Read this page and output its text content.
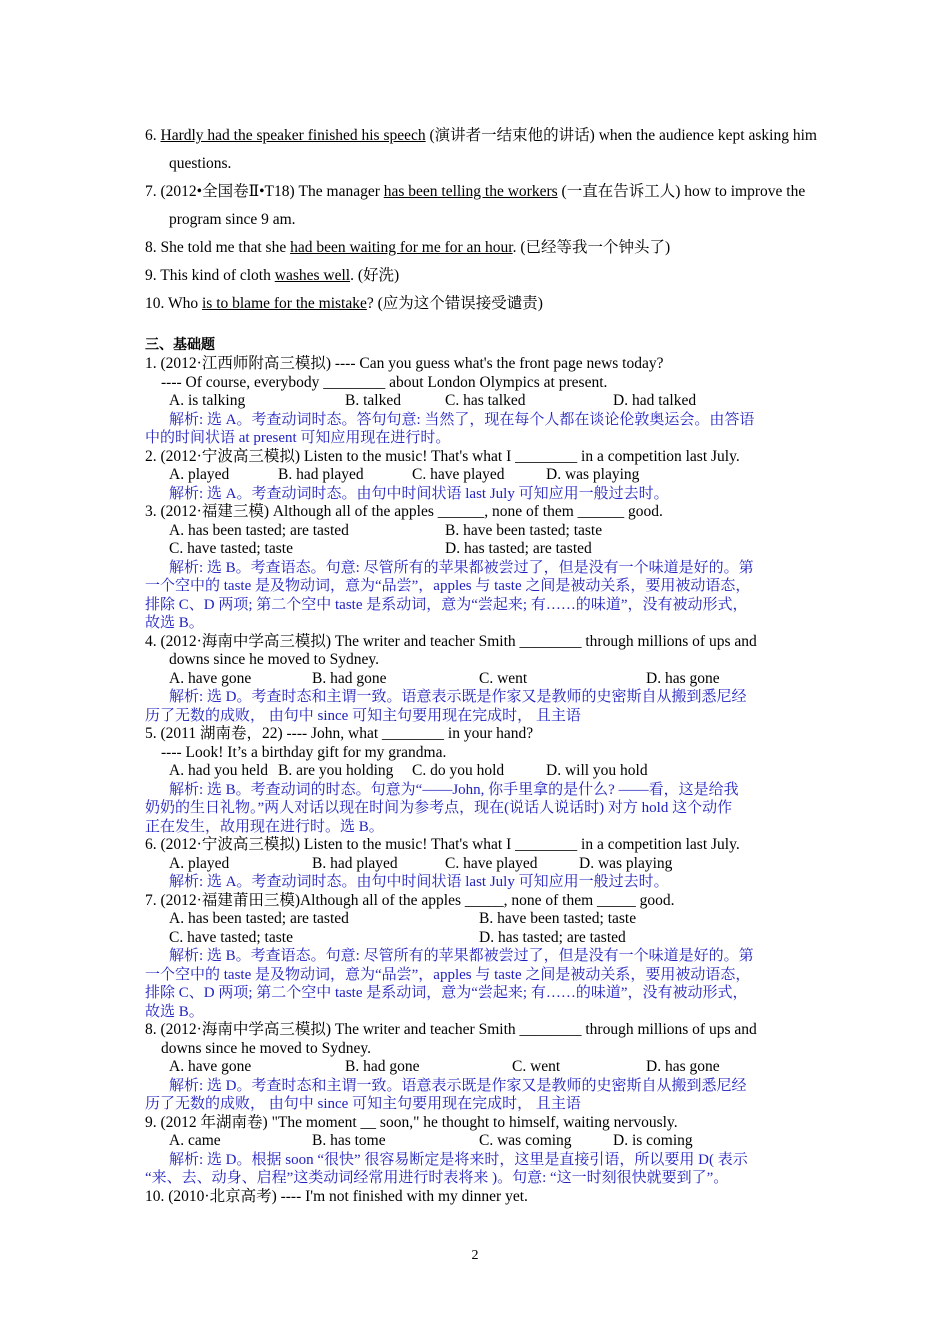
6. Hardly had the speaker finished his speech (演讲者一结束他的讲话) when the audience kept asking him questions.

7. (2012•全国卷Ⅱ•T18) The manager has been telling the workers (一直在告诉工人) how to improve the program since 9 am.

8. She told me that she had been waiting for me for an hour. (已经等我一个钟头了)

9. This kind of cloth washes well. (好洗)

10. Who is to blame for the mistake? (应为这个错误接受谴责)

三、基础题
1. (2012·江西师附高三模拟) ---- Can you guess what's the front page news today?
---- Of course, everybody ________ about London Olympics at present.
A. is talking	B. talked	C. has talked	D. had talked
解析: 选 A。考查动词时态。答句句意: 当然了，现在每个人都在谈论伦敦奥运会。由答语
中的时间状语 at present 可知应用现在进行时。
2. (2012·宁波高三模拟) Listen to the music! That's what I ________ in a competition last July.
A. played	B. had played	C. have played	D. was playing
解析: 选 A。考查动词时态。由句中时间状语 last July 可知应用一般过去时。
3. (2012·福建三模) Although all of the apples ______, none of them ______ good.
A. has been tasted; are tasted	B. have been tasted; taste
C. have tasted; taste	D. has tasted; are tasted
解析: 选 B。考查语态。句意: 尽管所有的苹果都被尝过了，但是没有一个味道是好的。第
一个空中的 taste 是及物动词，意为“品尝”，apples 与 taste 之间是被动关系，要用被动语态，
排除 C、D 两项; 第二个空中 taste 是系动词，意为“尝起来; 有……的味道”，没有被动形式，
故选 B。
4. (2012·海南中学高三模拟) The writer and teacher Smith ________ through millions of ups and
downs since he moved to Sydney.
A. have gone	B. had gone	C. went	D. has gone
解析: 选 D。考查时态和主谓一致。语意表示既是作家又是教师的史密斯自从搬到悉尼经
历了无数的成败， 由句中 since 可知主句要用现在完成时， 且主语
5. (2011 湖南卷，22) ---- John, what ________ in your hand?
---- Look! It’s a birthday gift for my grandma.
A. had you held B. are you holding C. do you hold	D. will you hold
解析: 选 B。考查动词的时态。句意为“——John, 你手里拿的是什么? ——看，这是给我
奶奶的生日礼物。”两人对话以现在时间为参考点，现在(说话人说话时) 对方 hold 这个动作
正在发生，故用现在进行时。选 B。
6. (2012·宁波高三模拟) Listen to the music! That's what I ________ in a competition last July.
A. played	B. had played	C. have played	D. was playing
解析: 选 A。考查动词时态。由句中时间状语 last July 可知应用一般过去时。
7. (2012·福建莆田三模)Although all of the apples _____, none of them _____ good.
A. has been tasted; are tasted	B. have been tasted; taste
C. have tasted; taste	D. has tasted; are tasted
解析: 选 B。考查语态。句意: 尽管所有的苹果都被尝过了，但是没有一个味道是好的。第
一个空中的 taste 是及物动词，意为“品尝”，apples 与 taste 之间是被动关系，要用被动语态，
排除 C、D 两项; 第二个空中 taste 是系动词，意为“尝起来; 有……的味道”，没有被动形式，
故选 B。
8. (2012·海南中学高三模拟) The writer and teacher Smith ________ through millions of ups and
downs since he moved to Sydney.
A. have gone	B. had gone	C. went	D. has gone
解析: 选 D。考查时态和主谓一致。语意表示既是作家又是教师的史密斯自从搬到悉尼经
历了无数的成败， 由句中 since 可知主句要用现在完成时， 且主语
9. (2012 年湖南卷) "The moment __ soon," he thought to himself, waiting nervously.
A. came	B. has tome	C. was coming	D. is coming
解析: 选 D。根据 soon “很快” 很容易断定是将来时，这里是直接引语，所以要用 D( 表示
“来、去、动身、启程”这类动词经常用进行时表将来 )。句意: “这一时刻很快就要到了”。
10. (2010·北京高考) ---- I'm not finished with my dinner yet.
2
